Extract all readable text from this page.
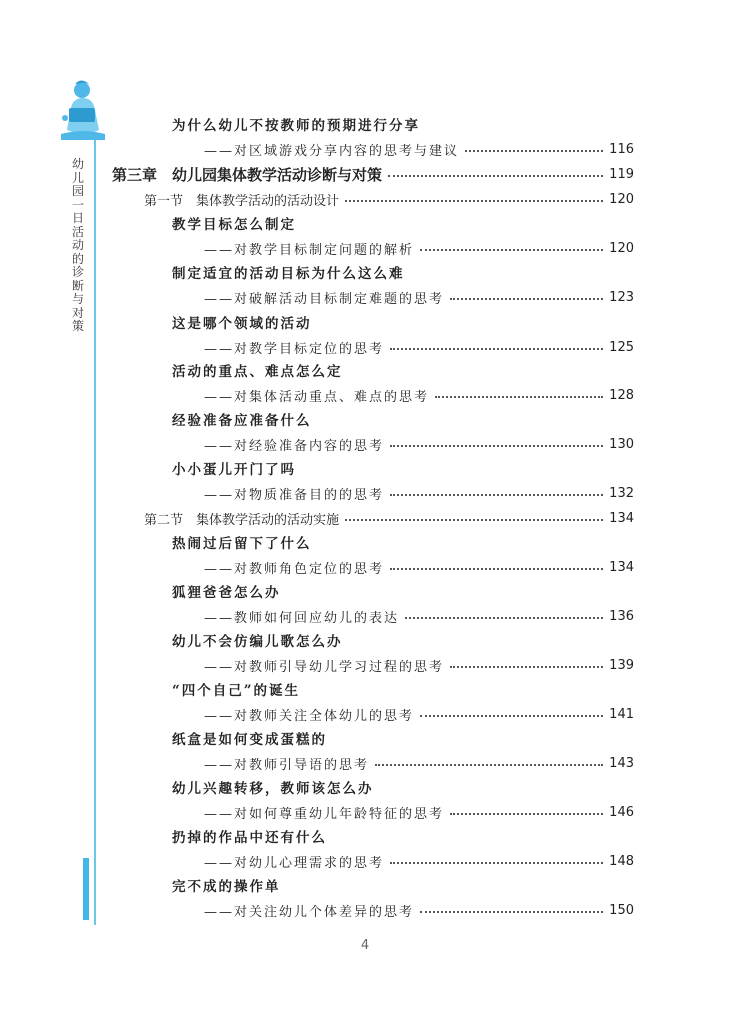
幼儿园一日活动的诊断与对策
为什么幼儿不按教师的预期进行分享
——对区域游戏分享内容的思考与建议	116
第三章　幼儿园集体教学活动诊断与对策	119
第一节　集体教学活动的活动设计	120
教学目标怎么制定
——对教学目标制定问题的解析	120
制定适宜的活动目标为什么这么难
——对破解活动目标制定难题的思考	123
这是哪个领域的活动
——对教学目标定位的思考	125
活动的重点、难点怎么定
——对集体活动重点、难点的思考	128
经验准备应准备什么
——对经验准备内容的思考	130
小小蛋儿开门了吗
——对物质准备目的的思考	132
第二节　集体教学活动的活动实施	134
热闹过后留下了什么
——对教师角色定位的思考	134
狐狸爸爸怎么办
——教师如何回应幼儿的表达	136
幼儿不会仿编儿歌怎么办
——对教师引导幼儿学习过程的思考	139
“四个自己”的诞生
——对教师关注全体幼儿的思考	141
纸盒是如何变成蛋糕的
——对教师引导语的思考	143
幼儿兴趣转移，教师该怎么办
——对如何尊重幼儿年龄特征的思考	146
扔掉的作品中还有什么
——对幼儿心理需求的思考	148
完不成的操作单
——对关注幼儿个体差异的思考	150
4
